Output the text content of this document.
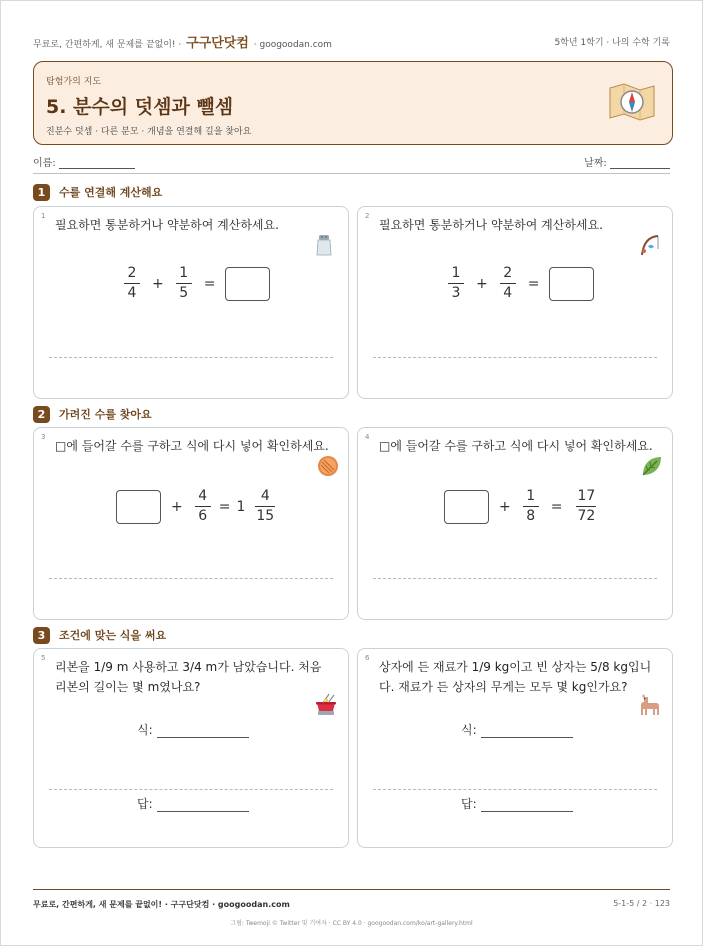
무료로, 간편하게, 새 문제를 끝없이! · 구구단닷컴 · googoodan.com	5학년 1학기 · 나의 수학 기록
탐험가의 지도
5. 분수의 덧셈과 뺄셈
진분수 덧셈 · 다른 분모 · 개념을 연결해 길을 찾아요
이름:	날짜:
1	수를 연결해 계산해요
1
필요하면 통분하거나 약분하여 계산하세요.
$\frac{2}{4} + \frac{1}{5}$ =
2
필요하면 통분하거나 약분하여 계산하세요.
$\frac{1}{3} + \frac{2}{4}$ =
2	가려진 수를 찾아요
3
□에 들어갈 수를 구하고 식에 다시 넣어 확인하세요.
+ $\frac{4}{6} = 1 \frac{4}{15}$
4
□에 들어갈 수를 구하고 식에 다시 넣어 확인하세요.
+ $\frac{1}{8} = \frac{17}{72}$
3	조건에 맞는 식을 써요
5
리본을 1/9 m 사용하고 3/4 m가 남았습니다. 처음 리본의 길이는 몇 m였나요?
식:
답:
6
상자에 든 재료가 1/9 kg이고 빈 상자는 5/8 kg입니다. 재료가 든 상자의 무게는 모두 몇 kg인가요?
식:
답:
무료로, 간편하게, 새 문제를 끝없이! · 구구단닷컴 · googoodan.com	5-1-5 / 2 · 123
그림: Twemoji © Twitter 및 기여자 · CC BY 4.0 · googoodan.com/ko/art-gallery.html
